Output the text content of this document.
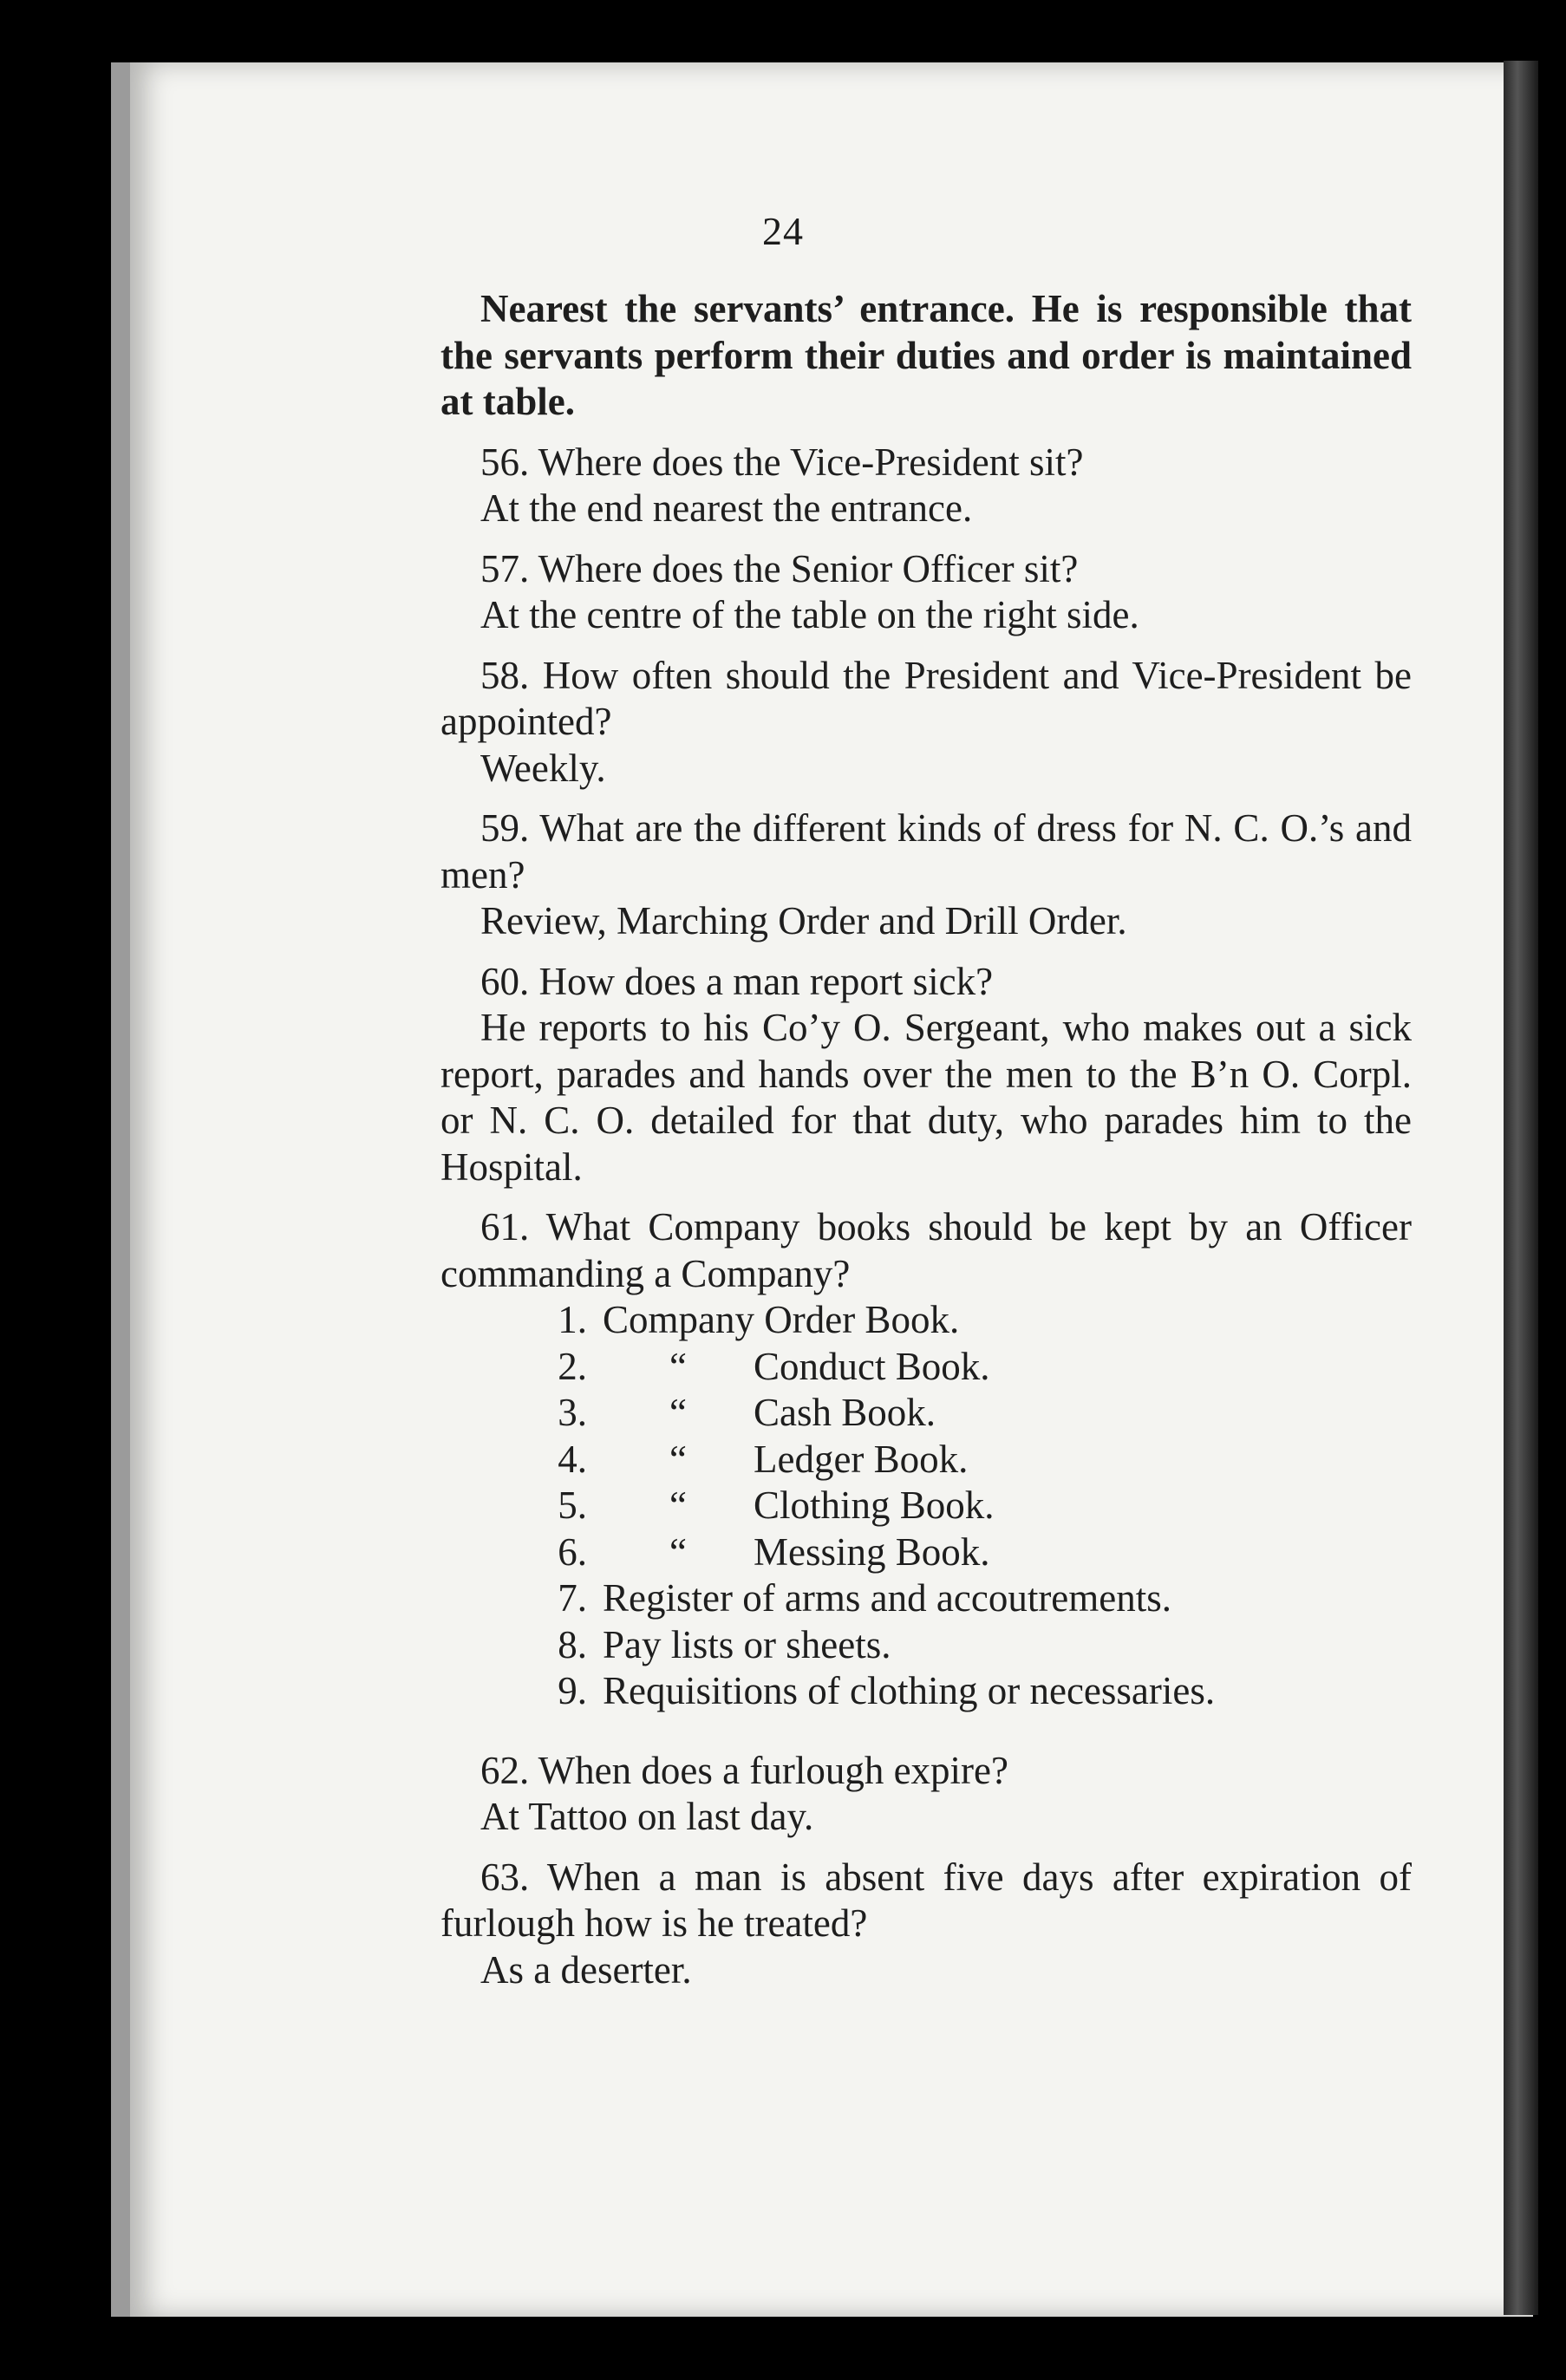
24

Nearest the servants’ entrance. He is responsible that the servants perform their duties and order is maintained at table.

56. Where does the Vice-President sit?

At the end nearest the entrance.

57. Where does the Senior Officer sit?

At the centre of the table on the right side.

58. How often should the President and Vice-President be appointed?

Weekly.

59. What are the different kinds of dress for N. C. O.’s and men?

Review, Marching Order and Drill Order.

60. How does a man report sick?

He reports to his Co’y O. Sergeant, who makes out a sick report, parades and hands over the men to the B’n O. Corpl. or N. C. O. detailed for that duty, who parades him to the Hospital.

61. What Company books should be kept by an Officer commanding a Company?

1. Company Order Book.
2.	“	Conduct Book.
3.	“	Cash Book.
4.	“	Ledger Book.
5.	“	Clothing Book.
6.	“	Messing Book.
7. Register of arms and accoutrements.
8. Pay lists or sheets.
9. Requisitions of clothing or necessaries.

62. When does a furlough expire?

At Tattoo on last day.

63. When a man is absent five days after expiration of furlough how is he treated?

As a deserter.
